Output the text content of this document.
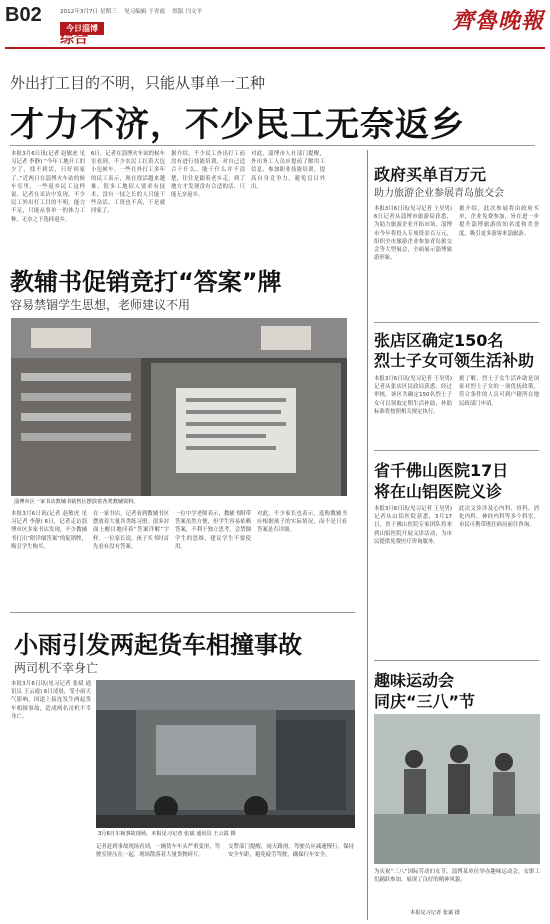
B02	2012年3月7日 星期三 　见习编辑 于青霞 　组版 闫文平
今日淄博
综合
齊魯晚報
外出打工目的不明，只能从事单一工种
才力不济，不少民工无奈返乡
本报3月6日讯(记者 赵敏虎 见习记者 李静) “今年工地开工的少了，找不到活，只好回家了。”近两日在淄博火车站的候车室里，一些返乡民工这样说。记者在采访中发现，不少民工外出打工目的不明，能力不足，只能从事单一的体力工种，无奈之下选择返乡。
6日，记者在淄博火车站的候车室看到，不少农民工扛着大包小包候车。一些在外打工多年的民工表示，现在找活越来越难，很多工地招人要求有技术，没有一技之长的人只能干些杂活，工资也不高，于是就回家了。
据介绍，不少民工外出打工前没有进行技能培训，对自己适合干什么、能干什么并不清楚，往往是跟着老乡走，到了地方才发现没有合适的活，只能无奈返乡。
对此，淄博市人社部门提醒，外出务工人员应提前了解用工信息，参加职业技能培训，提高自身竞争力，避免盲目外出。
政府买单百万元
助力旅游企业参展青岛旅交会
本报3月6日讯(见习记者 王昊男) 6日记者从淄博市旅游局获悉，为助力旅游企业开拓市场，淄博市今年将投入专项资金百万元，组织全市旅游企业参加青岛旅交会等大型展会，全面展示淄博旅游形象。
据介绍，此次参展将由政府买单，企业免费参加，旨在进一步提升淄博旅游的知名度和美誉度，吸引更多游客来淄旅游。
教辅书促销竞打“答案”牌
容易禁锢学生思想，老师建议不用
淄博市区一家书店教辅书销售区摆放着各类教辅资料。
本报3月6日讯(记者 赵敏虎 见习记者 李静) 6日，记者走访淄博市区多家书店发现，不少教辅书打出“附详细答案”的促销牌，吸引学生购买。
在一家书店，记者看到教辅书区摆放着大量各类练习册，很多封面上醒目地印着“答案详解”字样。一位家长说，孩子买书时首先看有没有答案。
一位中学老师表示，教辅书附带答案虽然方便，但学生容易依赖答案，不利于独立思考，会禁锢学生的思维，建议学生不要使用。
对此，不少家长也表示，选购教辅书应根据孩子的实际情况，而不是只看答案是否详细。
张店区确定150名
烈士子女可领生活补助
本报3月6日讯(见习记者 王昊男) 记者从张店区民政局获悉，经过审核，该区共确定150名烈士子女可以领取定期生活补助，补助标准将按照相关规定执行。
据了解，烈士子女生活补助是国家对烈士子女的一项优抚政策，符合条件的人员可到户籍所在地民政部门申请。
省千佛山医院17日
将在山铝医院义诊
本报3月6日讯(见习记者 王昊男) 记者从山铝医院获悉，3月17日，省千佛山医院专家团队将来到山铝医院开展义诊活动，为市民提供免费医疗咨询服务。
此次义诊涉及心内科、骨科、消化内科、神经内科等多个科室，市民可携带既往病历前往咨询。
小雨引发两起货车相撞事故
两司机不幸身亡
本报3月6日讯(见习记者 张斌 通讯员 王云霞) 6日凌晨，受小雨天气影响，国道上接连发生两起货车相撞事故，造成两名司机不幸身亡。
3月6日车祸事故现场。本报见习记者 张斌 通讯员 王云霞 摄
记者赶到事故现场看到，一辆货车车头严重变形，驾驶室挤压在一起，现场散落着大量货物碎片。
交警部门提醒，雨天路滑，驾驶员应减速慢行，保持安全车距，避免疲劳驾驶，确保行车安全。
趣味运动会
同庆“三八”节
为庆祝“三八”国际劳动妇女节，淄博某单位举办趣味运动会，女职工们踊跃参加，展现了良好的精神风貌。
本报见习记者 张斌 摄
